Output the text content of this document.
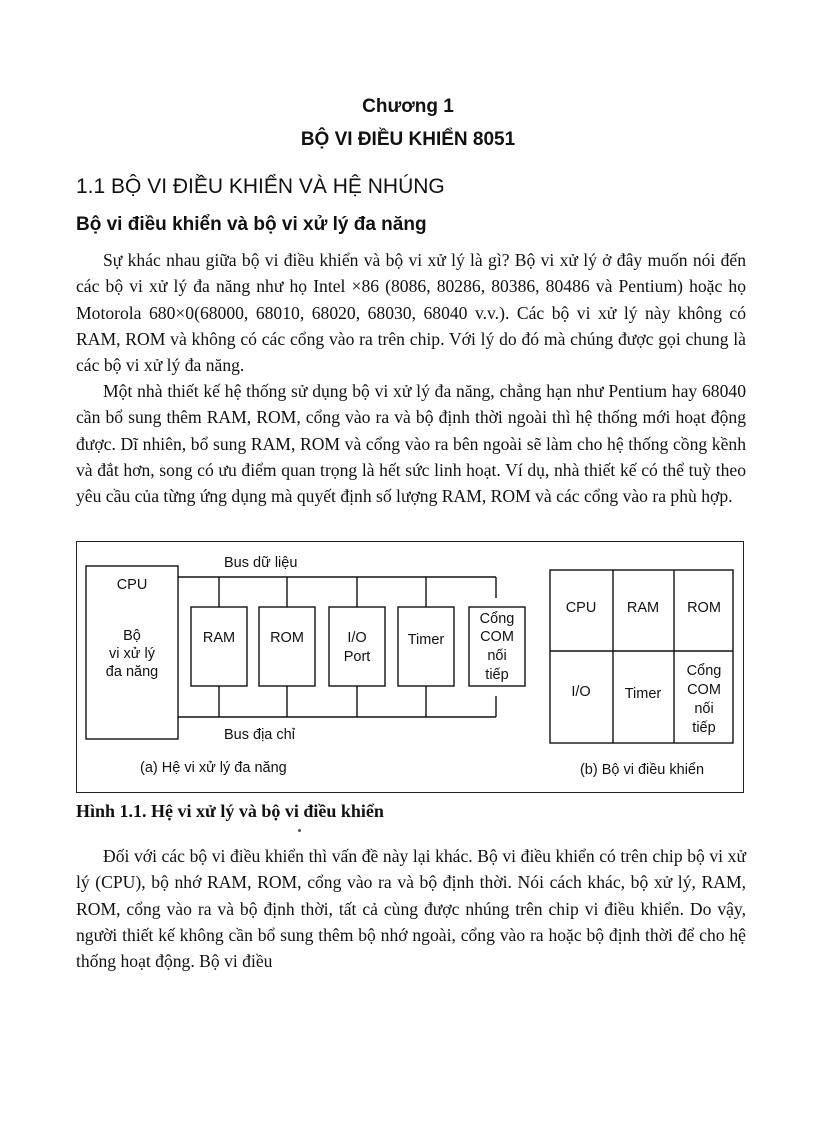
Chương 1
BỘ VI ĐIỀU KHIỂN 8051
1.1 BỘ VI ĐIỀU KHIỂN VÀ HỆ NHÚNG
Bộ vi điều khiển và bộ vi xử lý đa năng

Sự khác nhau giữa bộ vi điều khiển và bộ vi xử lý là gì? Bộ vi xử lý ở đây muốn nói đến các bộ vi xử lý đa năng như họ Intel ×86 (8086, 80286, 80386, 80486 và Pentium) hoặc họ Motorola 680×0(68000, 68010, 68020, 68030, 68040 v.v.). Các bộ vi xử lý này không có RAM, ROM và không có các cổng vào ra trên chip. Với lý do đó mà chúng được gọi chung là các bộ vi xử lý đa năng.

Một nhà thiết kế hệ thống sử dụng bộ vi xử lý đa năng, chẳng hạn như Pentium hay 68040 cần bổ sung thêm RAM, ROM, cổng vào ra và bộ định thời ngoài thì hệ thống mới hoạt động được. Dĩ nhiên, bổ sung RAM, ROM và cổng vào ra bên ngoài sẽ làm cho hệ thống cồng kềnh và đắt hơn, song có ưu điểm quan trọng là hết sức linh hoạt. Ví dụ, nhà thiết kế có thể tuỳ theo yêu cầu của từng ứng dụng mà quyết định số lượng RAM, ROM và các cổng vào ra phù hợp.

Bus dữ liệu
Bus địa chỉ
CPU
Bộ
vi xử lý
đa năng
RAM ROM	I/O
Port
Timer
Cổng
COM
nối
tiếp
(a) Hệ vi xử lý đa năng
CPU RAM ROM
I/O Timer
Cổng
COM
nối
tiếp
(b) Bộ vi điều khiển
Hình 1.1. Hệ vi xử lý và bộ vi điều khiển

Đối với các bộ vi điều khiển thì vấn đề này lại khác. Bộ vi điều khiển có trên chip bộ vi xử lý (CPU), bộ nhớ RAM, ROM, cổng vào ra và bộ định thời. Nói cách khác, bộ xử lý, RAM, ROM, cổng vào ra và bộ định thời, tất cả cùng được nhúng trên chip vi điều khiển. Do vậy, người thiết kế không cần bổ sung thêm bộ nhớ ngoài, cổng vào ra hoặc bộ định thời để cho hệ thống hoạt động. Bộ vi điều
